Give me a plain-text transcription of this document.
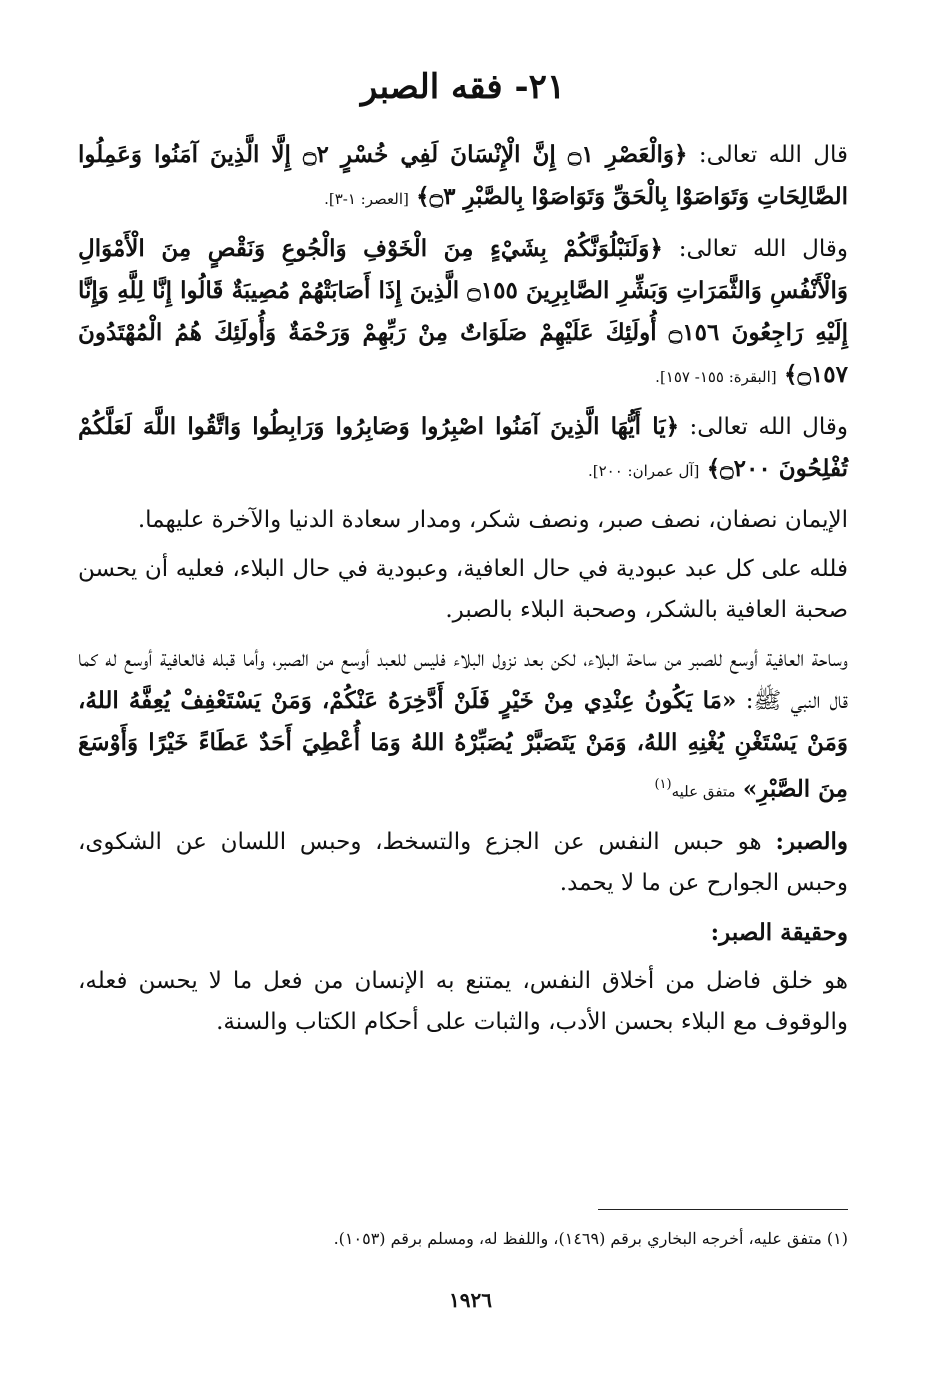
٢١- فقه الصبر
قال الله تعالى: ﴿وَالْعَصْرِ ۝١ إِنَّ الْإِنْسَانَ لَفِي خُسْرٍ ۝٢ إِلَّا الَّذِينَ آمَنُوا وَعَمِلُوا الصَّالِحَاتِ وَتَوَاصَوْا بِالْحَقِّ وَتَوَاصَوْا بِالصَّبْرِ ۝٣﴾ [العصر: ١-٣].
وقال الله تعالى: ﴿وَلَنَبْلُوَنَّكُمْ بِشَيْءٍ مِنَ الْخَوْفِ وَالْجُوعِ وَنَقْصٍ مِنَ الْأَمْوَالِ وَالْأَنْفُسِ وَالثَّمَرَاتِ وَبَشِّرِ الصَّابِرِينَ ۝١٥٥ الَّذِينَ إِذَا أَصَابَتْهُمْ مُصِيبَةٌ قَالُوا إِنَّا لِلَّهِ وَإِنَّا إِلَيْهِ رَاجِعُونَ ۝١٥٦ أُولَئِكَ عَلَيْهِمْ صَلَوَاتٌ مِنْ رَبِّهِمْ وَرَحْمَةٌ وَأُولَئِكَ هُمُ الْمُهْتَدُونَ ۝١٥٧﴾ [البقرة: ١٥٥- ١٥٧].
وقال الله تعالى: ﴿يَا أَيُّهَا الَّذِينَ آمَنُوا اصْبِرُوا وَصَابِرُوا وَرَابِطُوا وَاتَّقُوا اللَّهَ لَعَلَّكُمْ تُفْلِحُونَ ۝٢٠٠﴾ [آل عمران: ٢٠٠].
الإيمان نصفان، نصف صبر، ونصف شكر، ومدار سعادة الدنيا والآخرة عليهما.
فلله على كل عبد عبودية في حال العافية، وعبودية في حال البلاء، فعليه أن يحسن صحبة العافية بالشكر، وصحبة البلاء بالصبر.
وساحة العافية أوسع للصبر من ساحة البلاء، لكن بعد نزول البلاء فليس للعبد أوسع من الصبر، وأما قبله فالعافية أوسع له كما قال النبي ﷺ: «مَا يَكُونُ عِنْدِي مِنْ خَيْرٍ فَلَنْ أَدَّخِرَهُ عَنْكُمْ، وَمَنْ يَسْتَعْفِفْ يُعِفَّهُ اللهُ، وَمَنْ يَسْتَغْنِ يُغْنِهِ اللهُ، وَمَنْ يَتَصَبَّرْ يُصَبِّرْهُ اللهُ وَمَا أُعْطِيَ أَحَدٌ عَطَاءً خَيْرًا وَأَوْسَعَ مِنَ الصَّبْرِ» متفق عليه$^{(١)}$
والصبر: هو حبس النفس عن الجزع والتسخط، وحبس اللسان عن الشكوى، وحبس الجوارح عن ما لا يحمد.
وحقيقة الصبر:
هو خلق فاضل من أخلاق النفس، يمتنع به الإنسان من فعل ما لا يحسن فعله، والوقوف مع البلاء بحسن الأدب، والثبات على أحكام الكتاب والسنة.
(١) متفق عليه، أخرجه البخاري برقم (١٤٦٩)، واللفظ له، ومسلم برقم (١٠٥٣).
١٩٢٦
